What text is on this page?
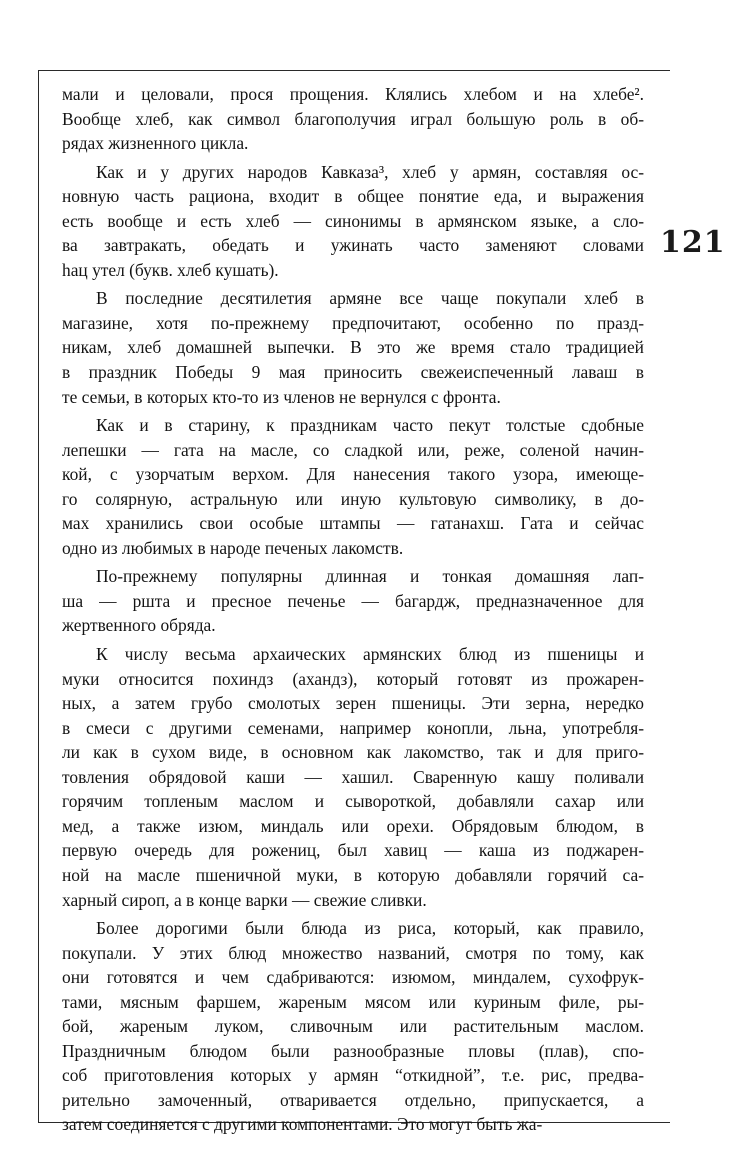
121
мали и целовали, прося прощения. Клялись хлебом и на хлебе².
Вообще хлеб, как символ благополучия играл большую роль в об-
рядах жизненного цикла.
Как и у других народов Кавказа³, хлеб у армян, составляя ос-
новную часть рациона, входит в общее понятие еда, и выражения
есть вообще и есть хлеб — синонимы в армянском языке, а сло-
ва завтракать, обедать и ужинать часто заменяют словами
hац утел (букв. хлеб кушать).
В последние десятилетия армяне все чаще покупали хлеб в
магазине, хотя по-прежнему предпочитают, особенно по празд-
никам, хлеб домашней выпечки. В это же время стало традицией
в праздник Победы 9 мая приносить свежеиспеченный лаваш в
те семьи, в которых кто-то из членов не вернулся с фронта.
Как и в старину, к праздникам часто пекут толстые сдобные
лепешки — гата на масле, со сладкой или, реже, соленой начин-
кой, с узорчатым верхом. Для нанесения такого узора, имеюще-
го солярную, астральную или иную культовую символику, в до-
мах хранились свои особые штампы — гатанахш. Гата и сейчас
одно из любимых в народе печеных лакомств.
По-прежнему популярны длинная и тонкая домашняя лап-
ша — ршта и пресное печенье — багардж, предназначенное для
жертвенного обряда.
К числу весьма архаических армянских блюд из пшеницы и
муки относится похиндз (ахандз), который готовят из прожарен-
ных, а затем грубо смолотых зерен пшеницы. Эти зерна, нередко
в смеси с другими семенами, например конопли, льна, употребля-
ли как в сухом виде, в основном как лакомство, так и для приго-
товления обрядовой каши — хашил. Сваренную кашу поливали
горячим топленым маслом и сывороткой, добавляли сахар или
мед, а также изюм, миндаль или орехи. Обрядовым блюдом, в
первую очередь для рожениц, был хавиц — каша из поджарен-
ной на масле пшеничной муки, в которую добавляли горячий са-
харный сироп, а в конце варки — свежие сливки.
Более дорогими были блюда из риса, который, как правило,
покупали. У этих блюд множество названий, смотря по тому, как
они готовятся и чем сдабриваются: изюмом, миндалем, сухофрук-
тами, мясным фаршем, жареным мясом или куриным филе, ры-
бой, жареным луком, сливочным или растительным маслом.
Праздничным блюдом были разнообразные пловы (плав), спо-
соб приготовления которых у армян “откидной”, т.е. рис, предва-
рительно замоченный, отваривается отдельно, припускается, а
затем соединяется с другими компонентами. Это могут быть жа-
